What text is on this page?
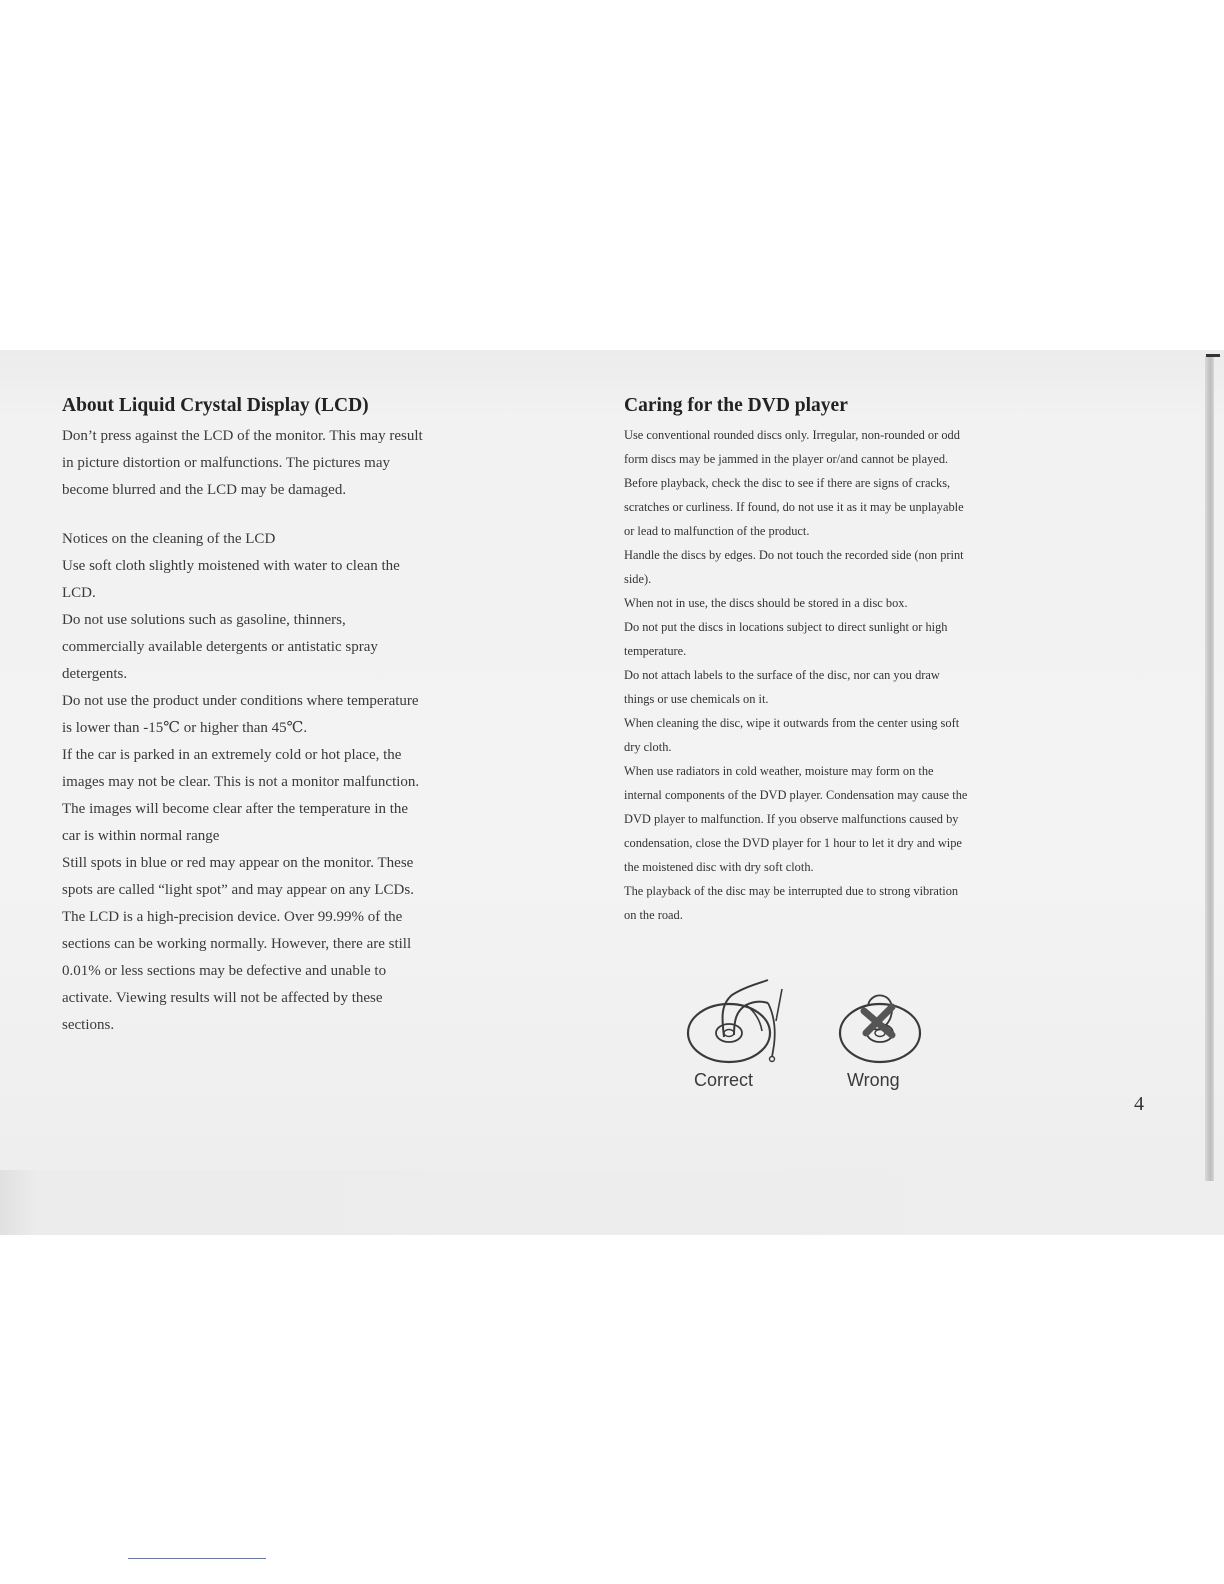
About Liquid Crystal Display (LCD)

Don’t press against the LCD of the monitor. This may result

in picture distortion or malfunctions. The pictures may

become blurred and the LCD may be damaged.

Notices on the cleaning of the LCD

Use soft cloth slightly moistened with water to clean the

LCD.

Do not use solutions such as gasoline, thinners,

commercially available detergents or antistatic spray

detergents.

Do not use the product under conditions where temperature

is lower than -15℃ or higher than 45℃.

If the car is parked in an extremely cold or hot place, the

images may not be clear. This is not a monitor malfunction.

The images will become clear after the temperature in the

car is within normal range

Still spots in blue or red may appear on the monitor. These

spots are called “light spot” and may appear on any LCDs.

The LCD is a high-precision device. Over 99.99% of the

sections can be working normally. However, there are still

0.01% or less sections may be defective and unable to

activate. Viewing results will not be affected by these

sections.

Caring for the DVD player

Use conventional rounded discs only. Irregular, non-rounded or odd

form discs may be jammed in the player or/and cannot be played.

Before playback, check the disc to see if there are signs of cracks,

scratches or curliness. If found, do not use it as it may be unplayable

or lead to malfunction of the product.

Handle the discs by edges. Do not touch the recorded side (non print

side).

When not in use, the discs should be stored in a disc box.

Do not put the discs in locations subject to direct sunlight or high

temperature.

Do not attach labels to the surface of the disc, nor can you draw

things or use chemicals on it.

When cleaning the disc, wipe it outwards from the center using soft

dry cloth.

When use radiators in cold weather, moisture may form on the

internal components of the DVD player. Condensation may cause the

DVD player to malfunction. If you observe malfunctions caused by

condensation, close the DVD player for 1 hour to let it dry and wipe

the moistened disc with dry soft cloth.

The playback of the disc may be interrupted due to strong vibration

on the road.

Correct	Wrong
4
